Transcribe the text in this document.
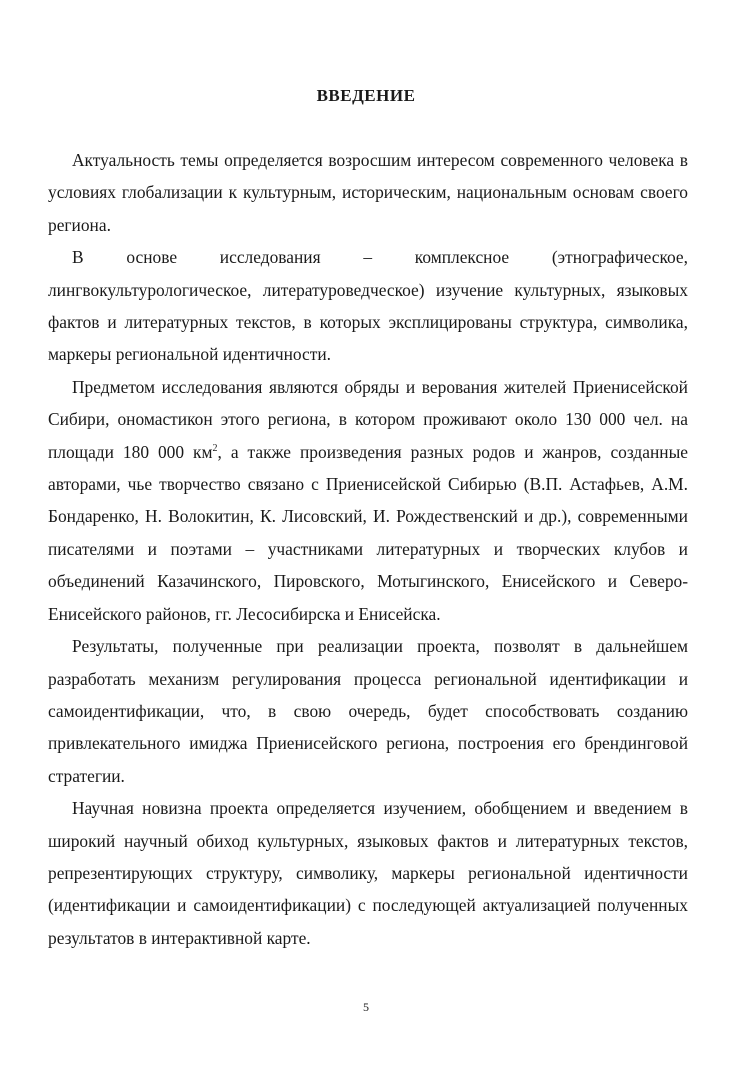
ВВЕДЕНИЕ

Актуальность темы определяется возросшим интересом современного человека в условиях глобализации к культурным, историческим, национальным основам своего региона.

В основе исследования – комплексное (этнографическое, лингвокультурологическое, литературоведческое) изучение культурных, языковых фактов и литературных текстов, в которых эксплицированы структура, символика, маркеры региональной идентичности.

Предметом исследования являются обряды и верования жителей Приенисейской Сибири, ономастикон этого региона, в котором проживают около 130 000 чел. на площади 180 000 $км^2$, а также произведения разных родов и жанров, созданные авторами, чье творчество связано с Приенисейской Сибирью (В.П. Астафьев, А.М. Бондаренко, Н. Волокитин, К. Лисовский, И. Рождественский и др.), современными писателями и поэтами – участниками литературных и творческих клубов и объединений Казачинского, Пировского, Мотыгинского, Енисейского и Северо-Енисейского районов, гг. Лесосибирска и Енисейска.

Результаты, полученные при реализации проекта, позволят в дальнейшем разработать механизм регулирования процесса региональной идентификации и самоидентификации, что, в свою очередь, будет способствовать созданию привлекательного имиджа Приенисейского региона, построения его брендинговой стратегии.

Научная новизна проекта определяется изучением, обобщением и введением в широкий научный обиход культурных, языковых фактов и литературных текстов, репрезентирующих структуру, символику, маркеры региональной идентичности (идентификации и самоидентификации) с последующей актуализацией полученных результатов в интерактивной карте.

5
